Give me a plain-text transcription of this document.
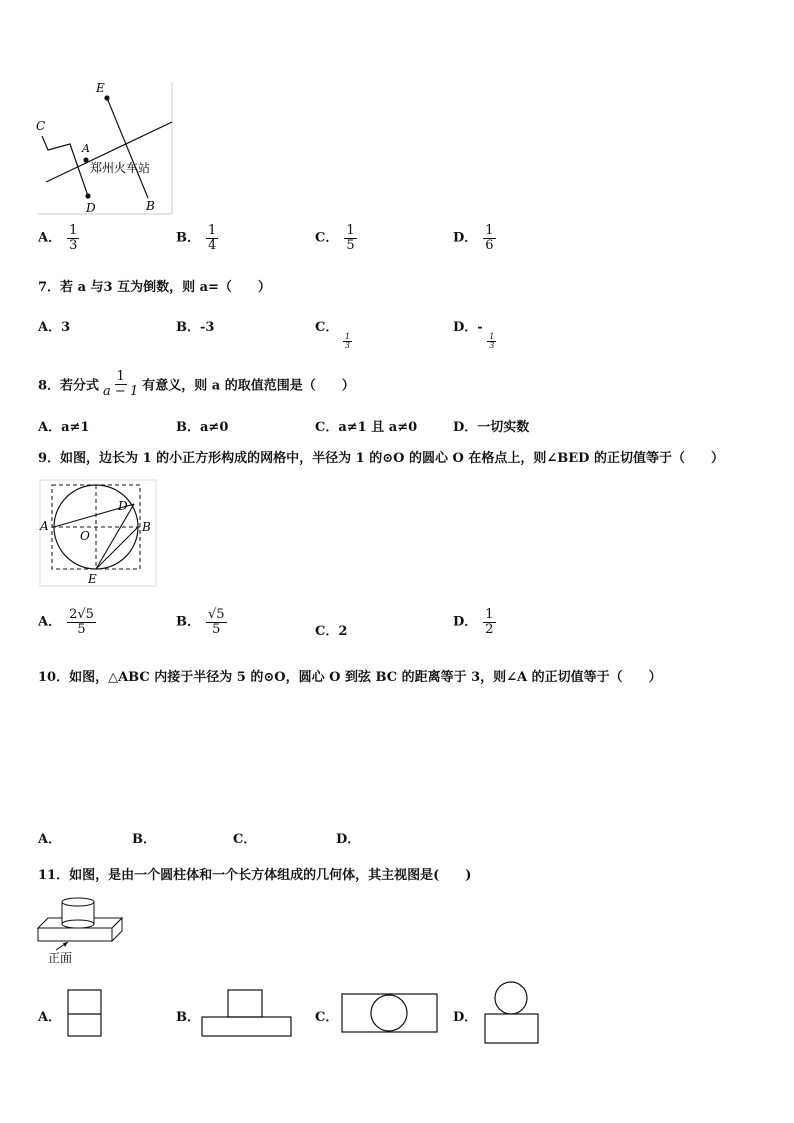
E
C
A
D	B
郑州火车站
A． $\frac{1}{3}$	B． $\frac{1}{4}$	C． $\frac{1}{5}$	D． $\frac{1}{6}$
7．若 a 与3 互为倒数，则 a=（　　）
A．3	B．-3	C．
$\frac{1}{3}$
D．-
$\frac{1}{3}$
8．若分式 $\frac{1}{a - 1}$ 有意义，则 a 的取值范围是（　　）
A．a≠1	B．a≠0	C．a≠1 且 a≠0	D．一切实数
9．如图，边长为 1 的小正方形构成的网格中，半径为 1 的⊙O 的圆心 O 在格点上，则∠BED 的正切值等于（　　）
A	B
D
O
E
A． $\frac{2√5}{5}$	B． $\frac{√5}{5}$	C．2
D． $\frac{1}{2}$
10．如图，△ABC 内接于半径为 5 的⊙O，圆心 O 到弦 BC 的距离等于 3，则∠A 的正切值等于（　　）
A．	B．	C．	D．
11．如图，是由一个圆柱体和一个长方体组成的几何体，其主视图是(　　)
正面
A．	B．	C．	D．
